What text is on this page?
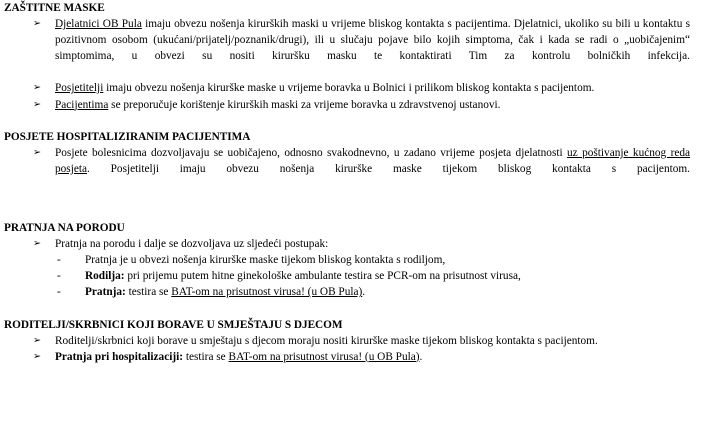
ZAŠTITNE MASKE
➢ Djelatnici OB Pula imaju obvezu nošenja kirurških maski u vrijeme bliskog kontakta s pacijentima. Djelatnici, ukoliko su bili u kontaktu s pozitivnom osobom (ukućani/prijatelj/poznanik/drugi), ili u slučaju pojave bilo kojih simptoma, čak i kada se radi o „uobičajenim“ simptomima, u obvezi su nositi kiruršku masku te kontaktirati Tim za kontrolu bolničkih infekcija.
➢ Posjetitelji imaju obvezu nošenja kirurške maske u vrijeme boravka u Bolnici i prilikom bliskog kontakta s pacijentom.
➢ Pacijentima se preporučuje korištenje kirurških maski za vrijeme boravka u zdravstvenoj ustanovi.
POSJETE HOSPITALIZIRANIM PACIJENTIMA
➢ Posjete bolesnicima dozvoljavaju se uobičajeno, odnosno svakodnevno, u zadano vrijeme posjeta djelatnosti uz poštivanje kućnog reda posjeta. Posjetitelji imaju obvezu nošenja kirurške maske tijekom bliskog kontakta s pacijentom.
PRATNJA NA PORODU
➢ Pratnja na porodu i dalje se dozvoljava uz sljedeći postupak:
- Pratnja je u obvezi nošenja kirurške maske tijekom bliskog kontakta s rodiljom,
- Rodilja: pri prijemu putem hitne ginekološke ambulante testira se PCR-om na prisutnost virusa,
- Pratnja: testira se BAT-om na prisutnost virusa! (u OB Pula).
RODITELJI/SKRBNICI KOJI BORAVE U SMJEŠTAJU S DJECOM
➢ Roditelji/skrbnici koji borave u smještaju s djecom moraju nositi kirurške maske tijekom bliskog kontakta s pacijentom.
➢ Pratnja pri hospitalizaciji: testira se BAT-om na prisutnost virusa! (u OB Pula).
